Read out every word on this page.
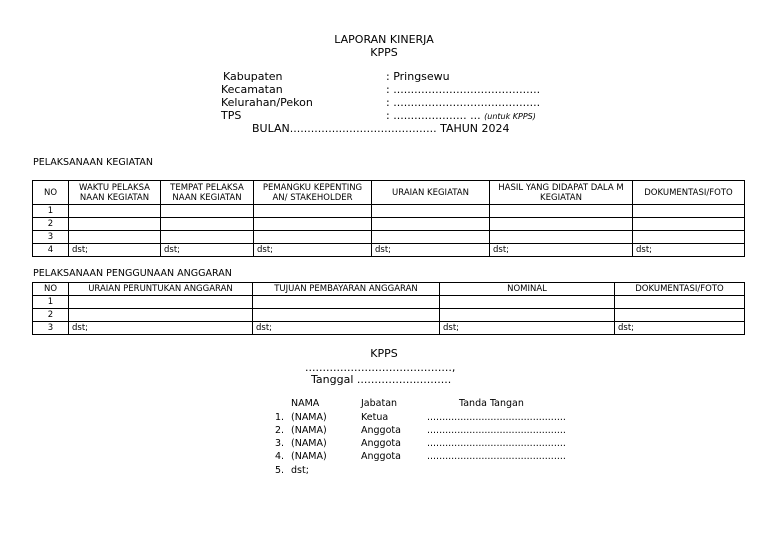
LAPORAN KINERJA
KPPS
Kabupaten	: Pringsewu
Kecamatan	: ..........................................
Kelurahan/Pekon	: ..........................................
TPS	: ..................... ... (untuk KPPS)
BULAN.......................................... TAHUN 2024
PELAKSANAAN KEGIATAN
NO	WAKTU PELAKSA NAAN KEGIATAN	TEMPAT PELAKSA NAAN KEGIATAN	PEMANGKU KEPENTING AN/ STAKEHOLDER	URAIAN KEGIATAN	HASIL YANG DIDAPAT DALA M KEGIATAN	DOKUMENTASI/FOTO
1						
2						
3						
4	dst;	dst;	dst;	dst;	dst;	dst;
PELAKSANAAN PENGGUNAAN ANGGARAN
NO	URAIAN PERUNTUKAN ANGGARAN	TUJUAN PEMBAYARAN ANGGARAN	NOMINAL	DOKUMENTASI/FOTO
1				
2				
3	dst;	dst;	dst;	dst;
KPPS
..........................................,
Tanggal ...........................
NAMA	Jabatan	Tanda Tangan
1. (NAMA)	Ketua	..............................................
2. (NAMA)	Anggota	..............................................
3. (NAMA)	Anggota	..............................................
4. (NAMA)	Anggota	..............................................
5. dst;
